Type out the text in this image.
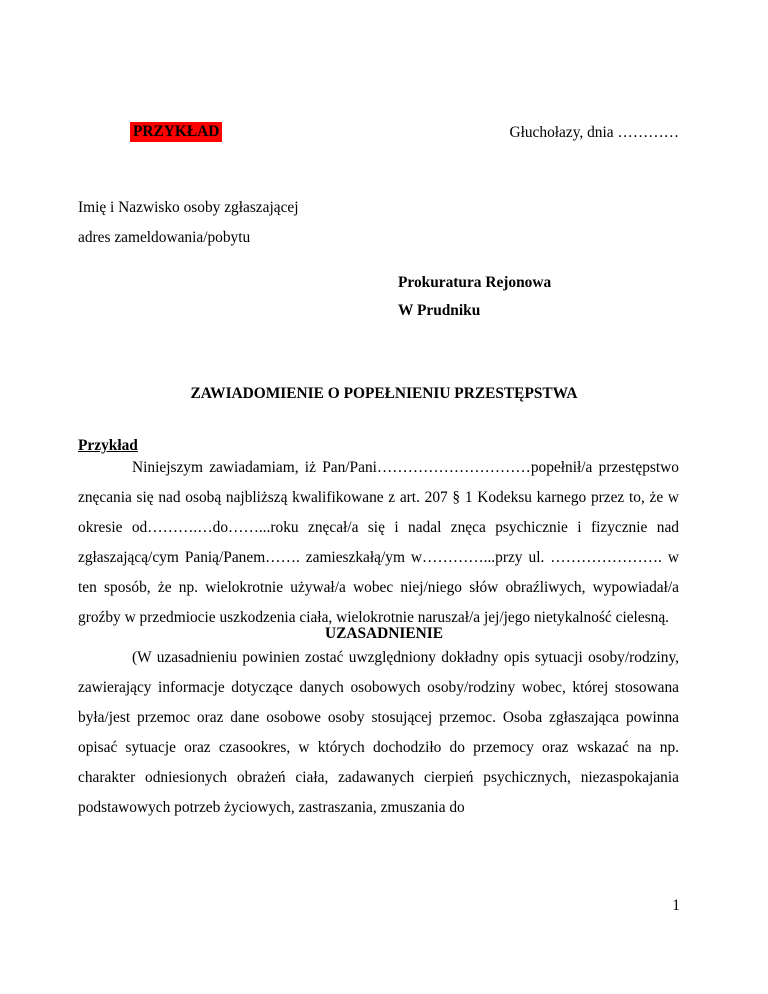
PRZYKŁAD	Głuchołazy, dnia …………
Imię i Nazwisko osoby zgłaszającej
adres zameldowania/pobytu
Prokuratura Rejonowa
W Prudniku
ZAWIADOMIENIE O POPEŁNIENIU PRZESTĘPSTWA
Przykład
Niniejszym zawiadamiam, iż Pan/Pani…………………………popełnił/a przestępstwo
znęcania się nad osobą najbliższą kwalifikowane z art. 207 § 1 Kodeksu karnego przez to, że w
okresie od……….…do……...roku znęcał/a się i nadal znęca psychicznie i fizycznie nad
zgłaszającą/cym Panią/Panem……. zamieszkałą/ym w…………...przy ul. …………………. w
ten sposób, że np. wielokrotnie używał/a wobec niej/niego słów obraźliwych, wypowiadał/a
groźby w przedmiocie uszkodzenia ciała, wielokrotnie naruszał/a jej/jego nietykalność cielesną.
UZASADNIENIE
(W uzasadnieniu powinien zostać uwzględniony dokładny opis sytuacji osoby/rodziny,
zawierający informacje dotyczące danych osobowych osoby/rodziny wobec, której stosowana
była/jest przemoc oraz dane osobowe osoby stosującej przemoc. Osoba zgłaszająca powinna
opisać sytuacje oraz czasookres, w których dochodziło do przemocy oraz wskazać na np.
charakter odniesionych obrażeń ciała, zadawanych cierpień psychicznych, niezaspokajania
podstawowych potrzeb życiowych, zastraszania, zmuszania do
1
